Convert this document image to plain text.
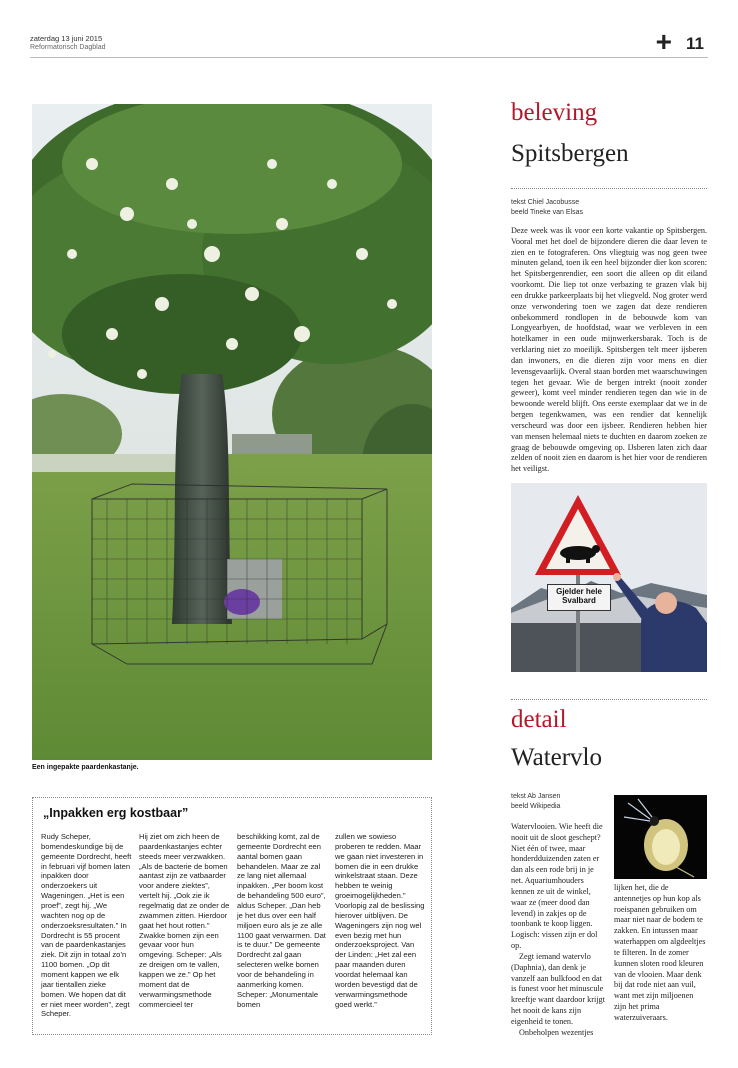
zaterdag 13 juni 2015
Reformatorisch Dagblad	+ 11
Een ingepakte paardenkastanje.
beleving
Spitsbergen
tekst Chiel Jacobusse
beeld Tineke van Elsas

Deze week was ik voor een korte vakantie op Spitsbergen. Vooral met het doel de bijzondere dieren die daar leven te zien en te fotograferen. Ons vliegtuig was nog geen twee minuten geland, toen ik een heel bijzonder dier kon scoren: het Spitsbergenrendier, een soort die alleen op dit eiland voorkomt. Die liep tot onze verbazing te grazen vlak bij een drukke parkeerplaats bij het vliegveld. Nog groter werd onze verwondering toen we zagen dat deze rendieren onbekommerd rondlopen in de bebouwde kom van Longyearbyen, de hoofdstad, waar we verbleven in een hotelkamer in een oude mijnwerkersbarak. Toch is de verklaring niet zo moeilijk. Spitsbergen telt meer ijsberen dan inwoners, en die dieren zijn voor mens en dier levensgevaarlijk. Overal staan borden met waarschuwingen tegen het gevaar. Wie de bergen intrekt (nooit zonder geweer), komt veel minder rendieren tegen dan wie in de bewoonde wereld blijft. Ons eerste exemplaar dat we in de bergen tegenkwamen, was een rendier dat kennelijk verscheurd was door een ijsbeer. Rendieren hebben hier van mensen helemaal niets te duchten en daarom zoeken ze graag de bebouwde omgeving op. IJsberen laten zich daar zelden of nooit zien en daarom is het hier voor de rendieren het veiligst.

Gjelder hele
Svalbard
detail
Watervlo
tekst Ab Jansen
beeld Wikipedia

Watervlooien. Wie heeft die nooit uit de sloot geschept? Niet één of twee, maar honderdduizenden zaten er dan als een rode brij in je net. Aquariumhouders kennen ze uit de winkel, waar ze (meer dood dan levend) in zakjes op de toonbank te koop liggen. Logisch: vissen zijn er dol op.

Zegt iemand watervlo (Daphnia), dan denk je vanzelf aan bulkfood en dat is funest voor het minuscule kreeftje want daardoor krijgt het nooit de kans zijn eigenheid te tonen.

Onbeholpen wezentjes

lijken het, die de antennetjes op hun kop als roeispanen gebruiken om maar niet naar de bodem te zakken. En intussen maar waterhappen om algdeeltjes te filteren. In de zomer kunnen sloten rood kleuren van de vlooien. Maar denk bij dat rode niet aan vuil, want met zijn miljoenen zijn het prima waterzuiveraars.

„Inpakken erg kostbaar”
Rudy Scheper, bomendeskundige bij de gemeente Dordrecht, heeft in februari vijf bomen laten inpakken door onderzoekers uit Wageningen. „Het is een proef”, zegt hij. „We wachten nog op de onderzoeksresultaten.” In Dordrecht is 55 procent van de paardenkastanjes ziek. Dit zijn in totaal zo’n 1100 bomen. „Op dit moment kappen we elk jaar tientallen zieke bomen. We hopen dat dit er niet meer worden”, zegt Scheper.
Hij ziet om zich heen de paardenkastanjes echter steeds meer verzwakken. „Als de bacterie de bomen aantast zijn ze vatbaarder voor andere ziektes”, vertelt hij. „Ook zie ik regelmatig dat ze onder de zwammen zitten. Hierdoor gaat het hout rotten.” Zwakke bomen zijn een gevaar voor hun omgeving. Scheper: „Als ze dreigen om te vallen, kappen we ze.” Op het moment dat de verwarmingsmethode commercieel ter
beschikking komt, zal de gemeente Dordrecht een aantal bomen gaan behandelen. Maar ze zal ze lang niet allemaal inpakken. „Per boom kost de behandeling 500 euro”, aldus Scheper. „Dan heb je het dus over een half miljoen euro als je ze alle 1100 gaat verwarmen. Dat is te duur.” De gemeente Dordrecht zal gaan selecteren welke bomen voor de behandeling in aanmerking komen. Scheper: „Monumentale bomen
zullen we sowieso proberen te redden. Maar we gaan niet investeren in bomen die in een drukke winkelstraat staan. Deze hebben te weinig groeimogelijkheden.” Voorlopig zal de beslissing hierover uitblijven. De Wageningers zijn nog wel even bezig met hun onderzoeksproject. Van der Linden: „Het zal een paar maanden duren voordat helemaal kan worden bevestigd dat de verwarmingsmethode goed werkt.”
